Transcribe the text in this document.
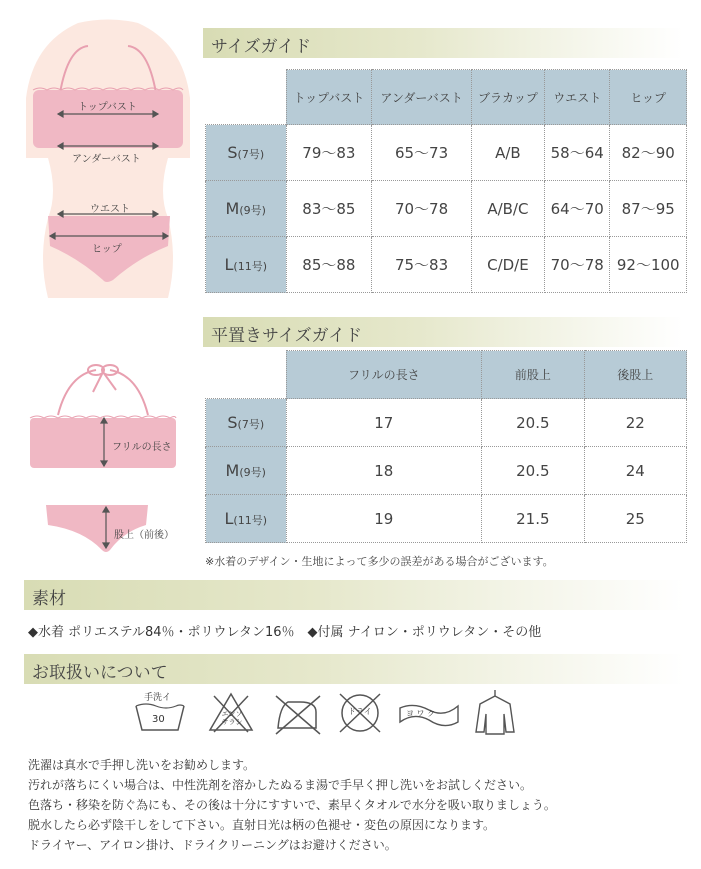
トップバスト
アンダーバスト
ウエスト
ヒップ
サイズガイド
	トップバスト	アンダーバスト	ブラカップ	ウエスト	ヒップ
S(7号)	79〜83	65〜73	A/B	58〜64	82〜90
M(9号)	83〜85	70〜78	A/B/C	64〜70	87〜95
L(11号)	85〜88	75〜83	C/D/E	70〜78	92〜100
平置きサイズガイド
フリルの長さ
股上（前後）
	フリルの長さ	前股上	後股上
S(7号)	17	20.5	22
M(9号)	18	20.5	24
L(11号)	19	21.5	25
※水着のデザイン・生地によって多少の誤差がある場合がございます。
素材
◆水着 ポリエステル84％・ポリウレタン16％　◆付属 ナイロン・ポリウレタン・その他
お取扱いについて
手洗イ
30	エンソ サラシ
ドライ	ヨ ワ ク
洗濯は真水で手押し洗いをお勧めします。
汚れが落ちにくい場合は、中性洗剤を溶かしたぬるま湯で手早く押し洗いをお試しください。
色落ち・移染を防ぐ為にも、その後は十分にすすいで、素早くタオルで水分を吸い取りましょう。
脱水したら必ず陰干しをして下さい。直射日光は柄の色褪せ・変色の原因になります。
ドライヤー、アイロン掛け、ドライクリーニングはお避けください。
